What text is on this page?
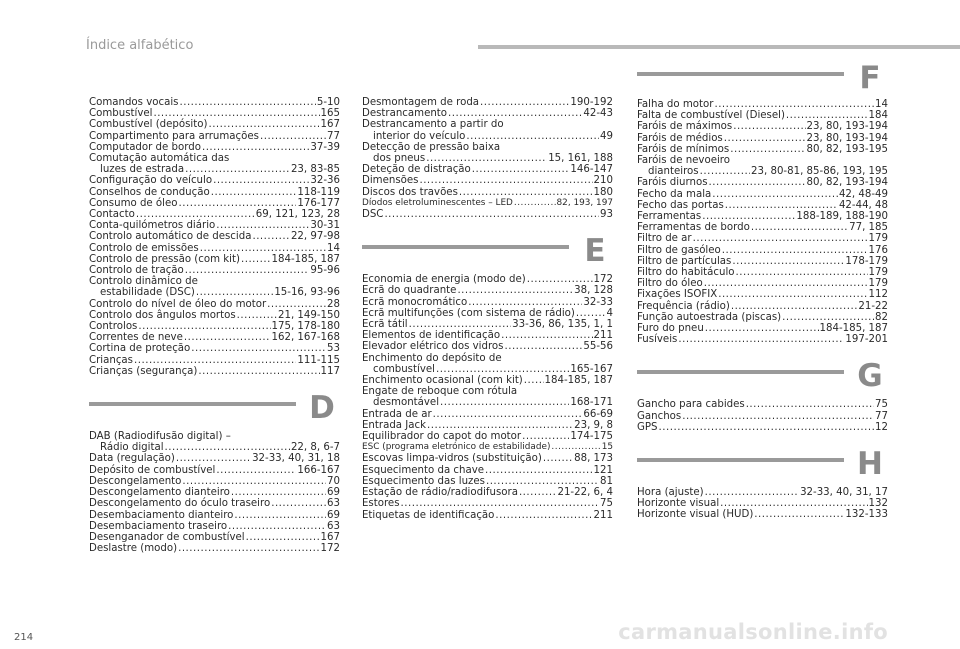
Índice alfabético
Comandos vocais .....	5-10
Combustível .....	165
Combustível (depósito) .....	167
Compartimento para arrumações .....	77
Computador de bordo .....	37-39
Comutação automática das
luzes de estrada .....	23, 83-85
Configuração do veículo .....	32-36
Conselhos de condução .....	118-119
Consumo de óleo .....	176-177
Contacto .....	69, 121, 123, 28
Conta-quilómetros diário .....	30-31
Controlo automático de descida .....	22, 97-98
Controlo de emissões .....	14
Controlo de pressão (com kit) .....	184-185, 187
Controlo de tração .....	95-96
Controlo dinâmico de
estabilidade (DSC) .....	15-16, 93-96
Controlo do nível de óleo do motor .....	28
Controlo dos ângulos mortos .....	21, 149-150
Controlos .....	175, 178-180
Correntes de neve .....	162, 167-168
Cortina de proteção .....	53
Crianças .....	111-115
Crianças (segurança) .....	117
D
DAB (Radiodifusão digital) –
Rádio digital .....	22, 8, 6-7
Data (regulação) .....	32-33, 40, 31, 18
Depósito de combustível .....	166-167
Descongelamento .....	70
Descongelamento dianteiro .....	69
Descongelamento do óculo traseiro .....	63
Desembaciamento dianteiro .....	69
Desembaciamento traseiro .....	63
Desenganador de combustível .....	167
Deslastre (modo) .....	172
Desmontagem de roda .....	190-192
Destrancamento .....	42-43
Destrancamento a partir do
interior do veículo .....	49
Detecção de pressão baixa
dos pneus .....	15, 161, 188
Deteção de distração .....	146-147
Dimensões .....	210
Discos dos travões .....	180
Díodos eletroluminescentes – LED .....	82, 193, 197
DSC .....	93
E
Economia de energia (modo de) .....	172
Ecrã do quadrante .....	38, 128
Ecrã monocromático .....	32-33
Ecrã multifunções (com sistema de rádio) .....	4
Ecrã tátil .....	33-36, 86, 135, 1, 1
Elementos de identificação .....	211
Elevador elétrico dos vidros .....	55-56
Enchimento do depósito de
combustível .....	165-167
Enchimento ocasional (com kit) ..... 184-185, 187
Engate de reboque com rótula
desmontável .....	168-171
Entrada de ar .....	66-69
Entrada Jack .....	23, 9, 8
Equilibrador do capot do motor .....	174-175
ESC (programa eletrónico de estabilidade) .....	15
Escovas limpa-vidros (substituição) .....	88, 173
Esquecimento da chave .....	121
Esquecimento das luzes .....	81
Estação de rádio/radiodifusora .....	21-22, 6, 4
Estores .....	75
Etiquetas de identificação .....	211
F
Falha do motor .....	14
Falta de combustível (Diesel) .....	184
Faróis de máximos .....	23, 80, 193-194
Faróis de médios .....	23, 80, 193-194
Faróis de mínimos .....	80, 82, 193-195
Faróis de nevoeiro
dianteiros .....	23, 80-81, 85-86, 193, 195
Faróis diurnos .....	80, 82, 193-194
Fecho da mala .....	42, 48-49
Fecho das portas .....	42-44, 48
Ferramentas .....	188-189, 188-190
Ferramentas de bordo .....	77, 185
Filtro de ar .....	179
Filtro de gasóleo .....	176
Filtro de partículas .....	178-179
Filtro do habitáculo .....	179
Filtro do óleo .....	179
Fixações ISOFIX .....	112
Frequência (rádio) .....	21-22
Função autoestrada (piscas) .....	82
Furo do pneu .....	184-185, 187
Fusíveis .....	197-201
G
Gancho para cabides .....	75
Ganchos .....	77
GPS .....	12
H
Hora (ajuste) .....	32-33, 40, 31, 17
Horizonte visual .....	132
Horizonte visual (HUD) .....	132-133
214	carmanualsonline.info
